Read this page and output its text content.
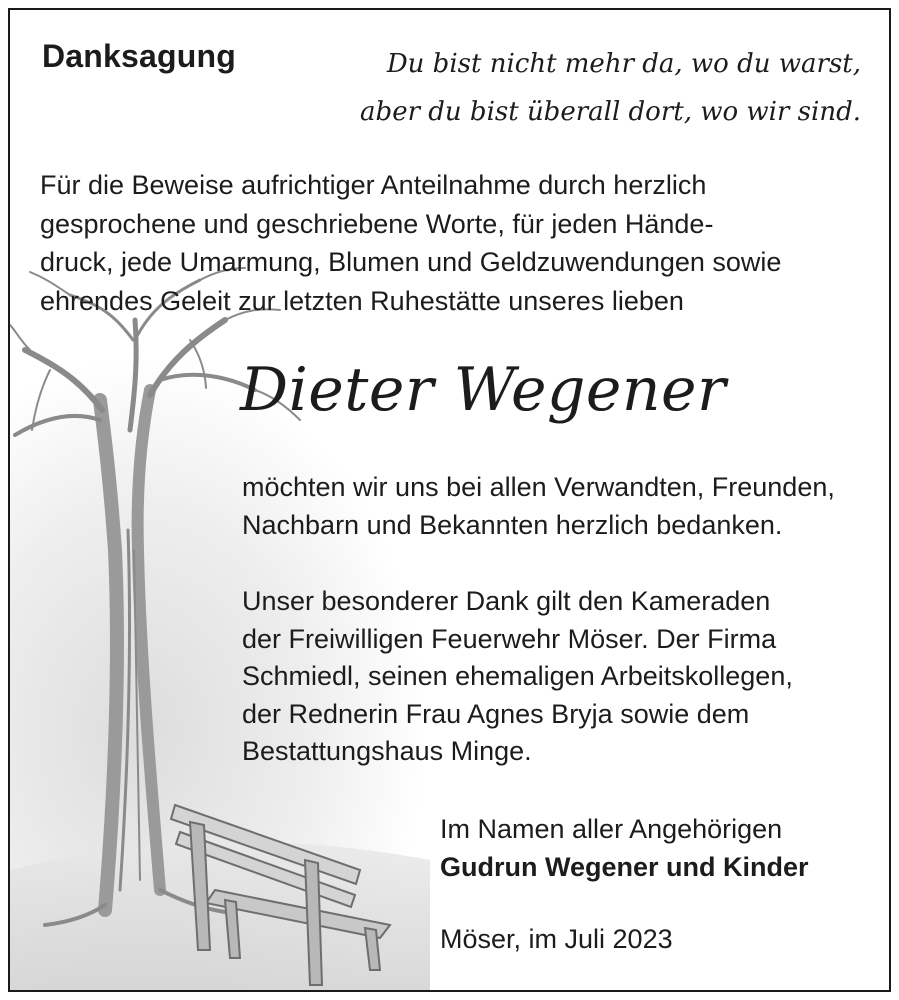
Danksagung	Du bist nicht mehr da, wo du warst,
aber du bist überall dort, wo wir sind.
Für die Beweise aufrichtiger Anteilnahme durch herzlich
gesprochene und geschriebene Worte, für jeden Hände-
druck, jede Umarmung, Blumen und Geldzuwendungen sowie
ehrendes Geleit zur letzten Ruhestätte unseres lieben
Dieter Wegener
möchten wir uns bei allen Verwandten, Freunden,
Nachbarn und Bekannten herzlich bedanken.
Unser besonderer Dank gilt den Kameraden
der Freiwilligen Feuerwehr Möser. Der Firma
Schmiedl, seinen ehemaligen Arbeitskollegen,
der Rednerin Frau Agnes Bryja sowie dem
Bestattungshaus Minge.
Im Namen aller Angehörigen
Gudrun Wegener und Kinder
Möser, im Juli 2023
